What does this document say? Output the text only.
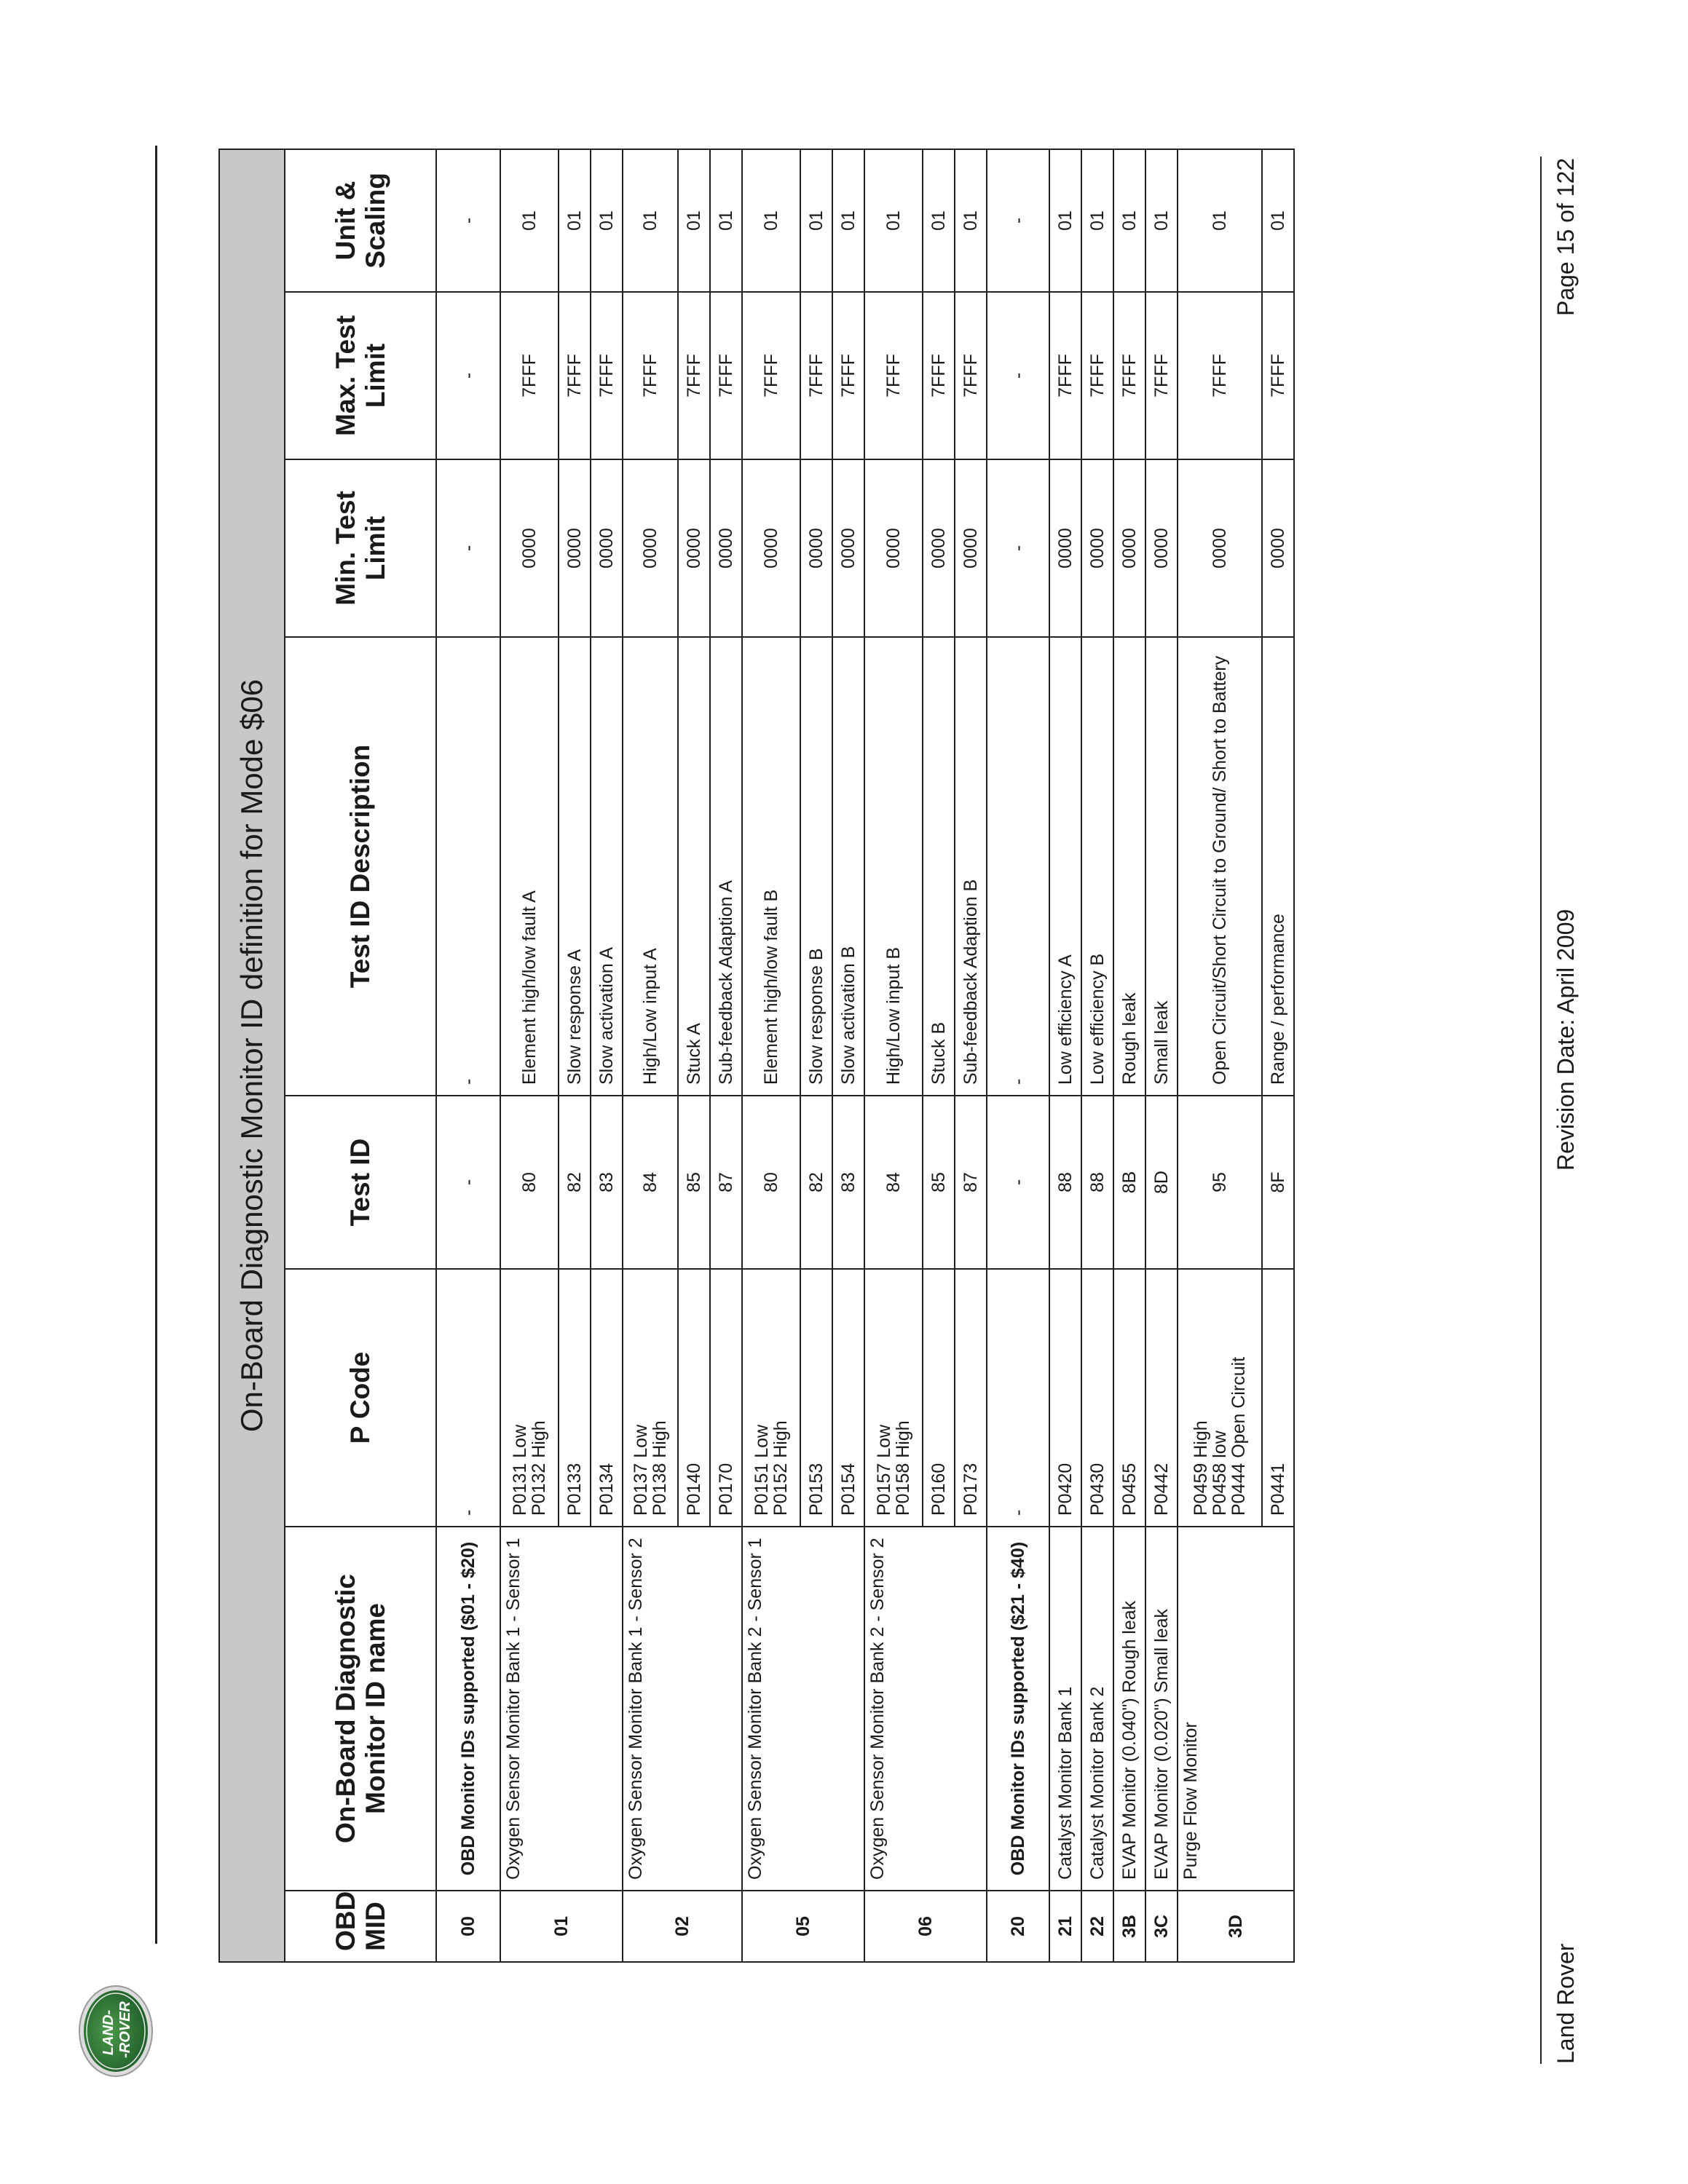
LAND- -ROVER
On-Board Diagnostic Monitor ID definition for Mode $06							
OBD MID	On-Board Diagnostic Monitor ID name	P Code	Test ID	Test ID Description	Min. Test Limit	Max. Test Limit	Unit & Scaling
00	OBD Monitor IDs supported ($01 - $20)	-	-	-	-	-	-
01	Oxygen Sensor Monitor Bank 1 - Sensor 1	P0131 Low
P0132 High	80	Element high/low fault A	0000	7FFF	01
		P0133	82	Slow response A	0000	7FFF	01
		P0134	83	Slow activation A	0000	7FFF	01
02	Oxygen Sensor Monitor Bank 1 - Sensor 2	P0137 Low
P0138 High	84	High/Low input A	0000	7FFF	01
		P0140	85	Stuck A	0000	7FFF	01
		P0170	87	Sub-feedback Adaption A	0000	7FFF	01
05	Oxygen Sensor Monitor Bank 2 - Sensor 1	P0151 Low
P0152 High	80	Element high/low fault B	0000	7FFF	01
		P0153	82	Slow response B	0000	7FFF	01
		P0154	83	Slow activation B	0000	7FFF	01
06	Oxygen Sensor Monitor Bank 2 - Sensor 2	P0157 Low
P0158 High	84	High/Low input B	0000	7FFF	01
		P0160	85	Stuck B	0000	7FFF	01
		P0173	87	Sub-feedback Adaption B	0000	7FFF	01
20	OBD Monitor IDs supported ($21 - $40)	-	-	-	-	-	-
21	Catalyst Monitor Bank 1	P0420	88	Low efficiency A	0000	7FFF	01
22	Catalyst Monitor Bank 2	P0430	88	Low efficiency B	0000	7FFF	01
3B	EVAP Monitor (0.040") Rough leak	P0455	8B	Rough leak	0000	7FFF	01
3C	EVAP Monitor (0.020") Small leak	P0442	8D	Small leak	0000	7FFF	01
3D	Purge Flow Monitor	P0459 High
P0458 low
P0444 Open Circuit	95	Open Circuit/Short Circuit to Ground/ Short to Battery	0000	7FFF	01
		P0441	8F	Range / performance	0000	7FFF	01
Land Rover
Revision Date: April 2009
Page 15 of 122
